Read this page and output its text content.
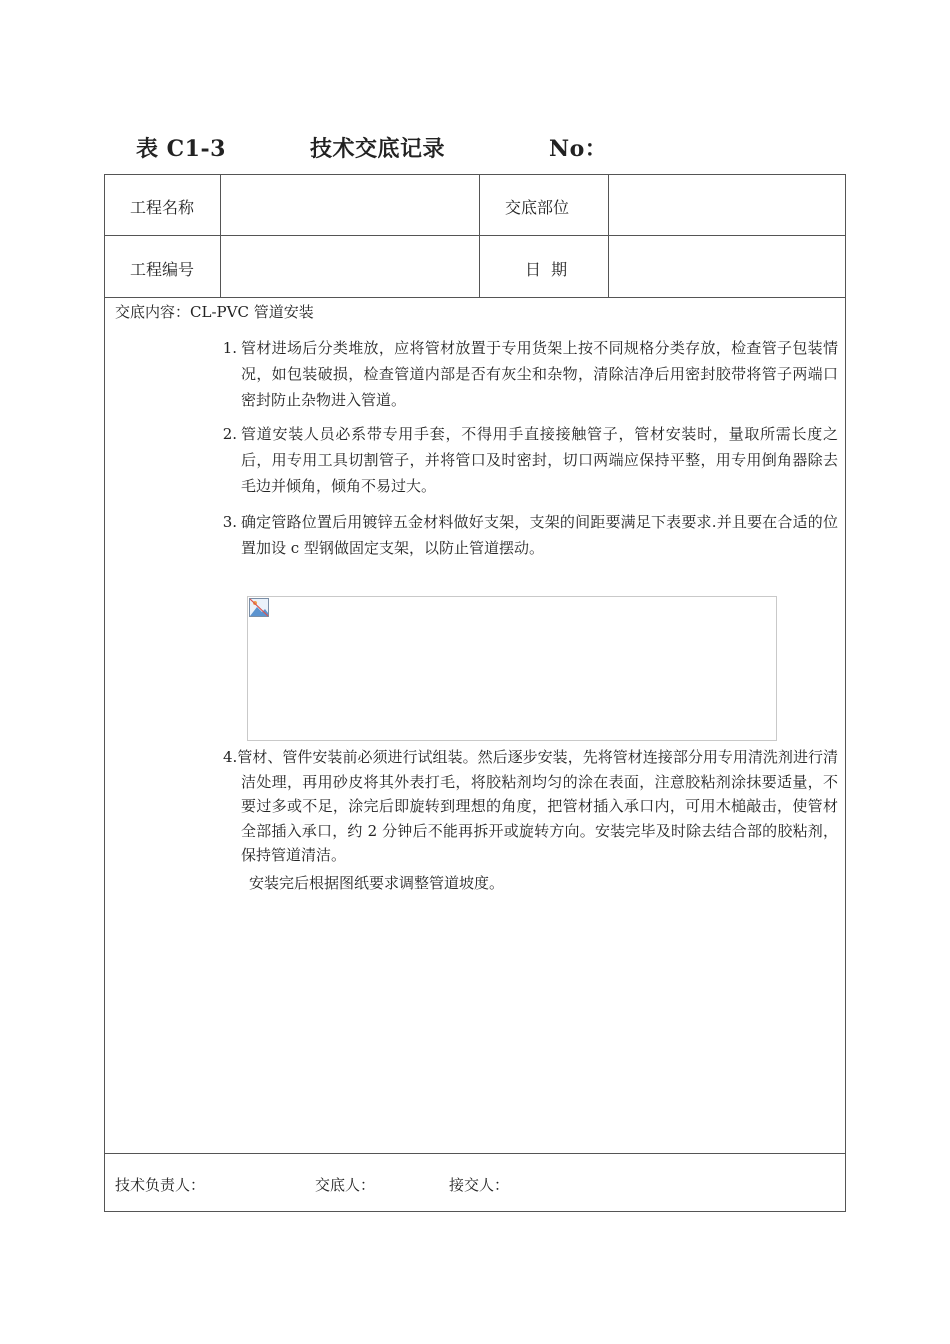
表 C1-3	技术交底记录	No：
工程名称	交底部位
工程编号	日  期
交底内容：CL-PVC 管道安装
1. 管材进场后分类堆放，应将管材放置于专用货架上按不同规格分类存放，检查管子包装情况，如包装破损，检查管道内部是否有灰尘和杂物，清除洁净后用密封胶带将管子两端口密封防止杂物进入管道。
2. 管道安装人员必系带专用手套，不得用手直接接触管子，管材安装时，量取所需长度之后，用专用工具切割管子，并将管口及时密封，切口两端应保持平整，用专用倒角器除去毛边并倾角，倾角不易过大。
3. 确定管路位置后用镀锌五金材料做好支架，支架的间距要满足下表要求.并且要在合适的位置加设 c 型钢做固定支架，以防止管道摆动。
4.管材、管件安装前必须进行试组装。然后逐步安装，先将管材连接部分用专用清洗剂进行清洁处理，再用砂皮将其外表打毛，将胶粘剂均匀的涂在表面，注意胶粘剂涂抹要适量，不要过多或不足，涂完后即旋转到理想的角度，把管材插入承口内，可用木槌敲击，使管材全部插入承口，约 2 分钟后不能再拆开或旋转方向。安装完毕及时除去结合部的胶粘剂，保持管道清洁。
安装完后根据图纸要求调整管道坡度。
技术负责人：	交底人：	接交人：
